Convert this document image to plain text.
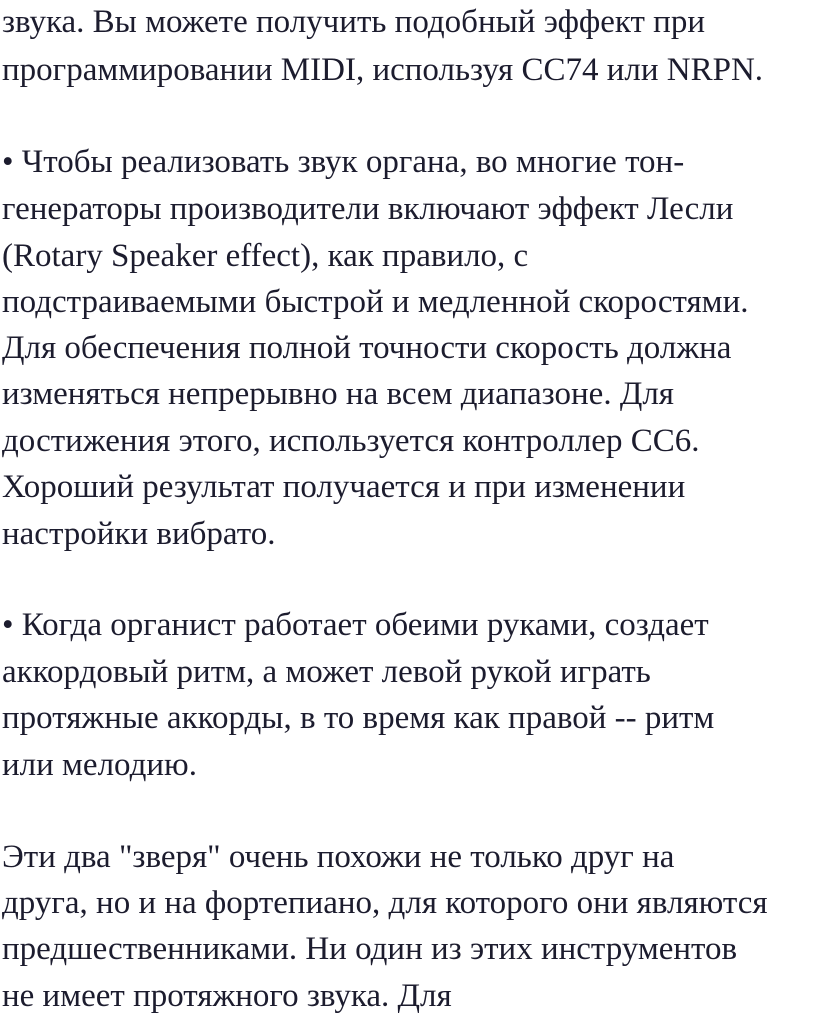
звука. Вы можете получить подобный эффект при
программировании MIDI, используя CC74 или NRPN.
• Чтобы реализовать звук органа, во многие тон-
генераторы производители включают эффект Лесли
(Rotary Speaker effect), как правило, с
подстраиваемыми быстрой и медленной скоростями.
Для обеспечения полной точности скорость должна
изменяться непрерывно на всем диапазоне. Для
достижения этого, используется контроллер CC6.
Хороший результат получается и при изменении
настройки вибрато.
• Когда органист работает обеими руками, создает
аккордовый ритм, а может левой рукой играть
протяжные аккорды, в то время как правой -- ритм
или мелодию.
Эти два "зверя" очень похожи не только друг на
друга, но и на фортепиано, для которого они являются
предшественниками. Ни один из этих инструментов
не имеет протяжного звука. Для
